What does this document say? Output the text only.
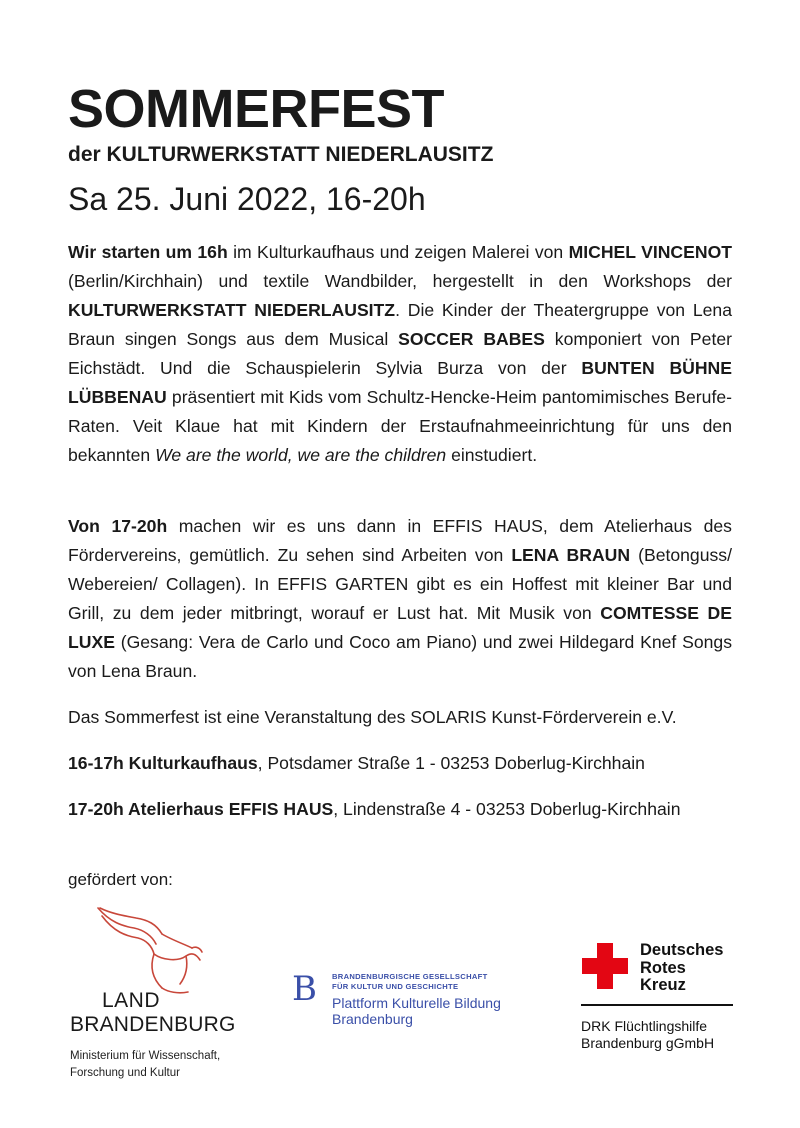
SOMMERFEST
der KULTURWERKSTATT NIEDERLAUSITZ
Sa 25. Juni 2022, 16-20h

Wir starten um 16h im Kulturkaufhaus und zeigen Malerei von MICHEL VINCENOT (Berlin/Kirchhain) und textile Wandbilder, hergestellt in den Workshops der KULTURWERKSTATT NIEDERLAUSITZ. Die Kinder der Theatergruppe von Lena Braun singen Songs aus dem Musical SOCCER BABES komponiert von Peter Eichstädt. Und die Schauspielerin Sylvia Burza von der BUNTEN BÜHNE LÜBBENAU präsentiert mit Kids vom Schultz-Hencke-Heim pantomimisches Berufe-Raten. Veit Klaue hat mit Kindern der Erstaufnahmeeinrichtung für uns den bekannten We are the world, we are the children einstudiert.

Von 17-20h machen wir es uns dann in EFFIS HAUS, dem Atelierhaus des Fördervereins, gemütlich. Zu sehen sind Arbeiten von LENA BRAUN (Betonguss/ Webereien/ Collagen). In EFFIS GARTEN gibt es ein Hoffest mit kleiner Bar und Grill, zu dem jeder mitbringt, worauf er Lust hat. Mit Musik von COMTESSE DE LUXE (Gesang: Vera de Carlo und Coco am Piano) und zwei Hildegard Knef Songs von Lena Braun.

Das Sommerfest ist eine Veranstaltung des SOLARIS Kunst-Förderverein e.V.
16-17h Kulturkaufhaus, Potsdamer Straße 1 - 03253 Doberlug-Kirchhain
17-20h Atelierhaus EFFIS HAUS, Lindenstraße 4 - 03253 Doberlug-Kirchhain
gefördert von:
LAND
BRANDENBURG
Ministerium für Wissenschaft,
Forschung und Kultur
B BRANDENBURGISCHE GESELLSCHAFT
FÜR KULTUR UND GESCHICHTE
Plattform Kulturelle Bildung
Brandenburg
Deutsches
Rotes
Kreuz
DRK Flüchtlingshilfe
Brandenburg gGmbH
